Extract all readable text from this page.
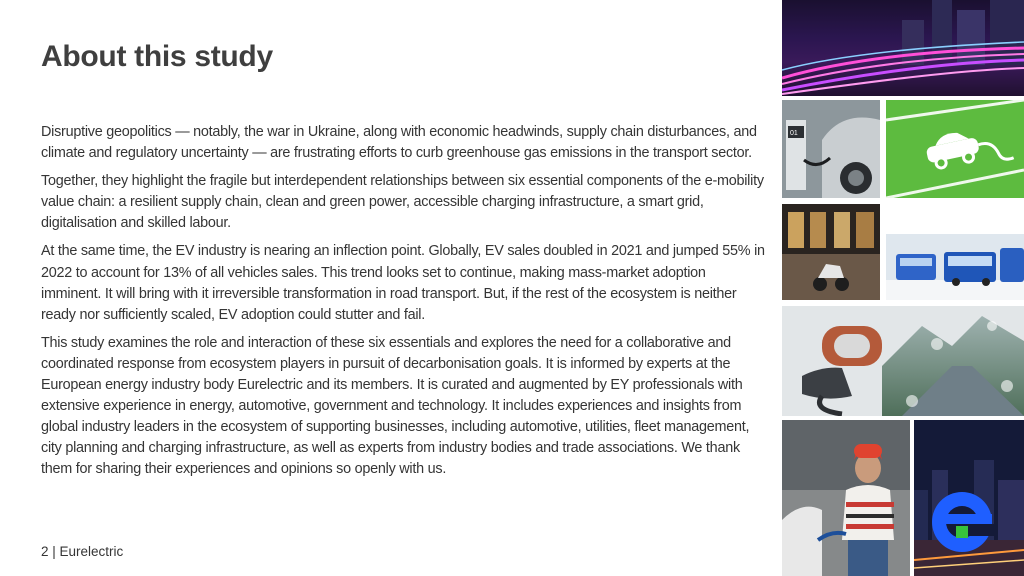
About this study

Disruptive geopolitics — notably, the war in Ukraine, along with economic headwinds, supply chain disturbances, and climate and regulatory uncertainty — are frustrating efforts to curb greenhouse gas emissions in the transport sector.

Together, they highlight the fragile but interdependent relationships between six essential components of the e-mobility value chain: a resilient supply chain, clean and green power, accessible charging infrastructure, a smart grid, digitalisation and skilled labour.

At the same time, the EV industry is nearing an inflection point. Globally, EV sales doubled in 2021 and jumped 55% in 2022 to account for 13% of all vehicles sales. This trend looks set to continue, making mass-market adoption imminent. It will bring with it irreversible transformation in road transport. But, if the rest of the ecosystem is neither ready nor sufficiently scaled, EV adoption could stutter and fail.

This study examines the role and interaction of these six essentials and explores the need for a collaborative and coordinated response from ecosystem players in pursuit of decarbonisation goals. It is informed by experts at the European energy industry body Eurelectric and its members. It is curated and augmented by EY professionals with extensive experience in energy, automotive, government and technology. It includes experiences and insights from global industry leaders in the ecosystem of supporting businesses, including automotive, utilities, fleet management, city planning and charging infrastructure, as well as experts from industry bodies and trade associations. We thank them for sharing their experiences and opinions so openly with us.

2 | Eurelectric
01
